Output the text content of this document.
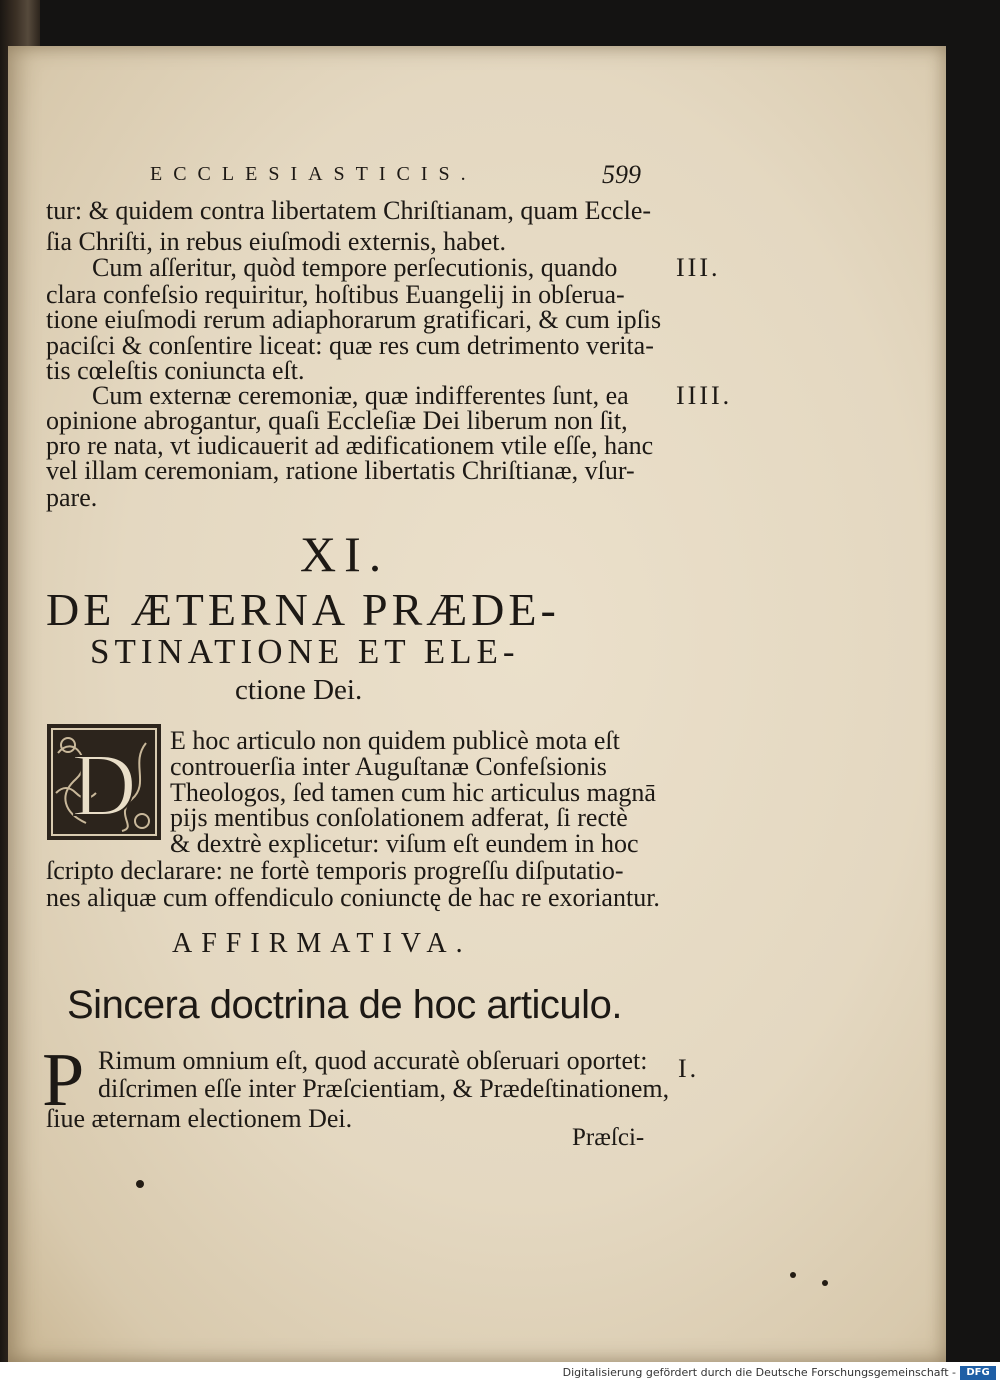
ECCLESIASTICIS.	599
tur: & quidem contra libertatem Chriſtianam, quam Eccle-
ſia Chriſti, in rebus eiuſmodi externis, habet.
Cum aſſeritur, quòd tempore perſecutionis, quando
clara confeſsio requiritur, hoſtibus Euangelij in obſerua-
tione eiuſmodi rerum adiaphorarum gratificari, & cum ipſis
paciſci & conſentire liceat: quæ res cum detrimento verita-
tis cœleſtis coniuncta eſt.
Cum externæ ceremoniæ, quæ indifferentes ſunt, ea
opinione abrogantur, quaſi Eccleſiæ Dei liberum non ſit,
pro re nata, vt iudicauerit ad ædificationem vtile eſſe, hanc
vel illam ceremoniam, ratione libertatis Chriſtianæ, vſur-
pare.
III.
IIII.
XI.
DE ÆTERNA PRÆDE-
STINATIONE ET ELE-
ctione Dei.
D E hoc articulo non quidem publicè mota eſt
controuerſia inter Auguſtanæ Confeſsionis
Theologos, ſed tamen cum hic articulus magnā
pijs mentibus conſolationem adferat, ſi rectè
& dextrè explicetur: viſum eſt eundem in hoc
ſcripto declarare: ne fortè temporis progreſſu diſputatio-
nes aliquæ cum offendiculo coniunctę de hac re exoriantur.
AFFIRMATIVA.
Sincera doctrina de hoc articulo.
P Rimum omnium eſt, quod accuratè obſeruari oportet:
diſcrimen eſſe inter Præſcientiam, & Prædeſtinationem,
ſiue æternam electionem Dei.
I.
Præſci-
Digitalisierung gefördert durch die Deutsche Forschungsgemeinschaft -	DFG
